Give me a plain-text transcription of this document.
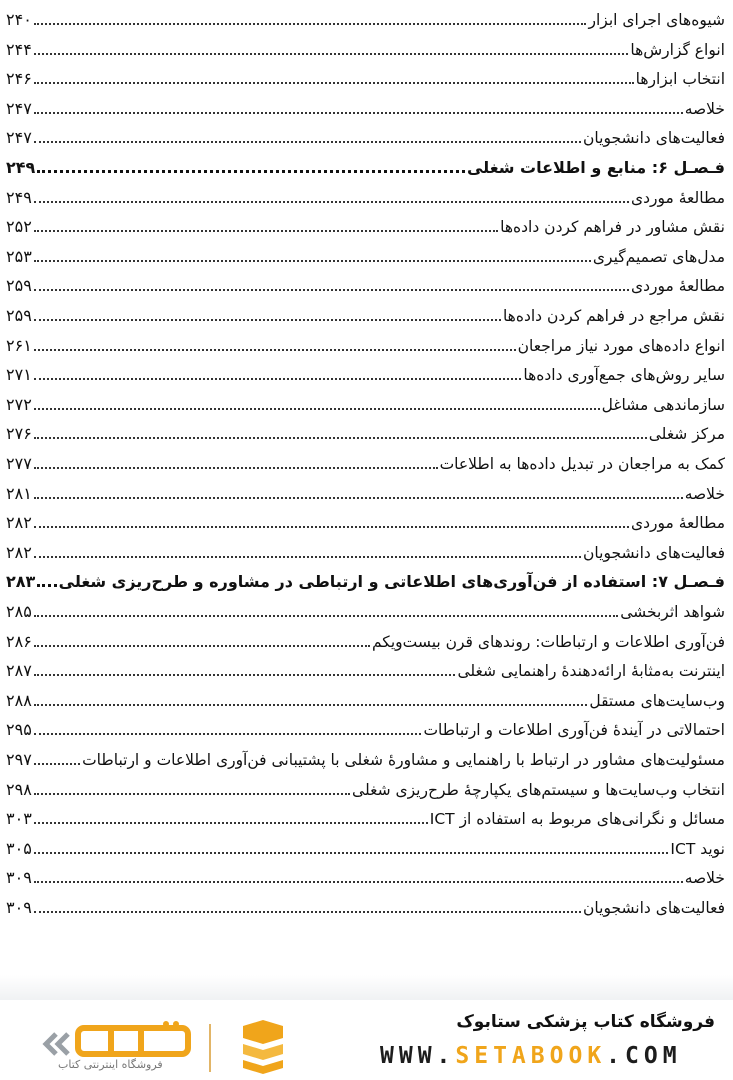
شیوه‌های اجرای ابزار
۲۴۰
انواع گزارش‌ها
۲۴۴
انتخاب ابزارها
۲۴۶
خلاصه
۲۴۷
فعالیت‌های دانشجویان
۲۴۷
فـصـل ۶: منابع و اطلاعات شغلی
۲۴۹
مطالعهٔ موردی
۲۴۹
نقش مشاور در فراهم کردن داده‌ها
۲۵۲
مدل‌های تصمیم‌گیری
۲۵۳
مطالعهٔ موردی
۲۵۹
نقش مراجع در فراهم کردن داده‌ها
۲۵۹
انواع داده‌های مورد نیاز مراجعان
۲۶۱
سایر روش‌های جمع‌آوری داده‌ها
۲۷۱
سازماندهی مشاغل
۲۷۲
مرکز شغلی
۲۷۶
کمک به مراجعان در تبدیل داده‌ها به اطلاعات
۲۷۷
خلاصه
۲۸۱
مطالعهٔ موردی
۲۸۲
فعالیت‌های دانشجویان
۲۸۲
فـصـل ۷: استفاده از فن‌آوری‌های اطلاعاتی و ارتباطی در مشاوره و طرح‌ریزی شغلی
۲۸۳
شواهد اثربخشی
۲۸۵
فن‌آوری اطلاعات و ارتباطات: روندهای قرن بیست‌ویکم
۲۸۶
اینترنت به‌مثابهٔ ارائه‌دهندهٔ راهنمایی شغلی
۲۸۷
وب‌سایت‌های مستقل
۲۸۸
احتمالاتی در آیندهٔ فن‌آوری اطلاعات و ارتباطات
۲۹۵
مسئولیت‌های مشاور در ارتباط با راهنمایی و مشاورهٔ شغلی با پشتیبانی فن‌آوری اطلاعات و ارتباطات
۲۹۷
انتخاب وب‌سایت‌ها و سیستم‌های یکپارچهٔ طرح‌ریزی شغلی
۲۹۸
مسائل و نگرانی‌های مربوط به استفاده از ICT
۳۰۳
نوید ICT
۳۰۵
خلاصه
۳۰۹
فعالیت‌های دانشجویان
۳۰۹
فروشگاه اینترنتی کتاب
فروشگاه کتاب پزشکی ستابوک
WWW.SETABOOK.COM
